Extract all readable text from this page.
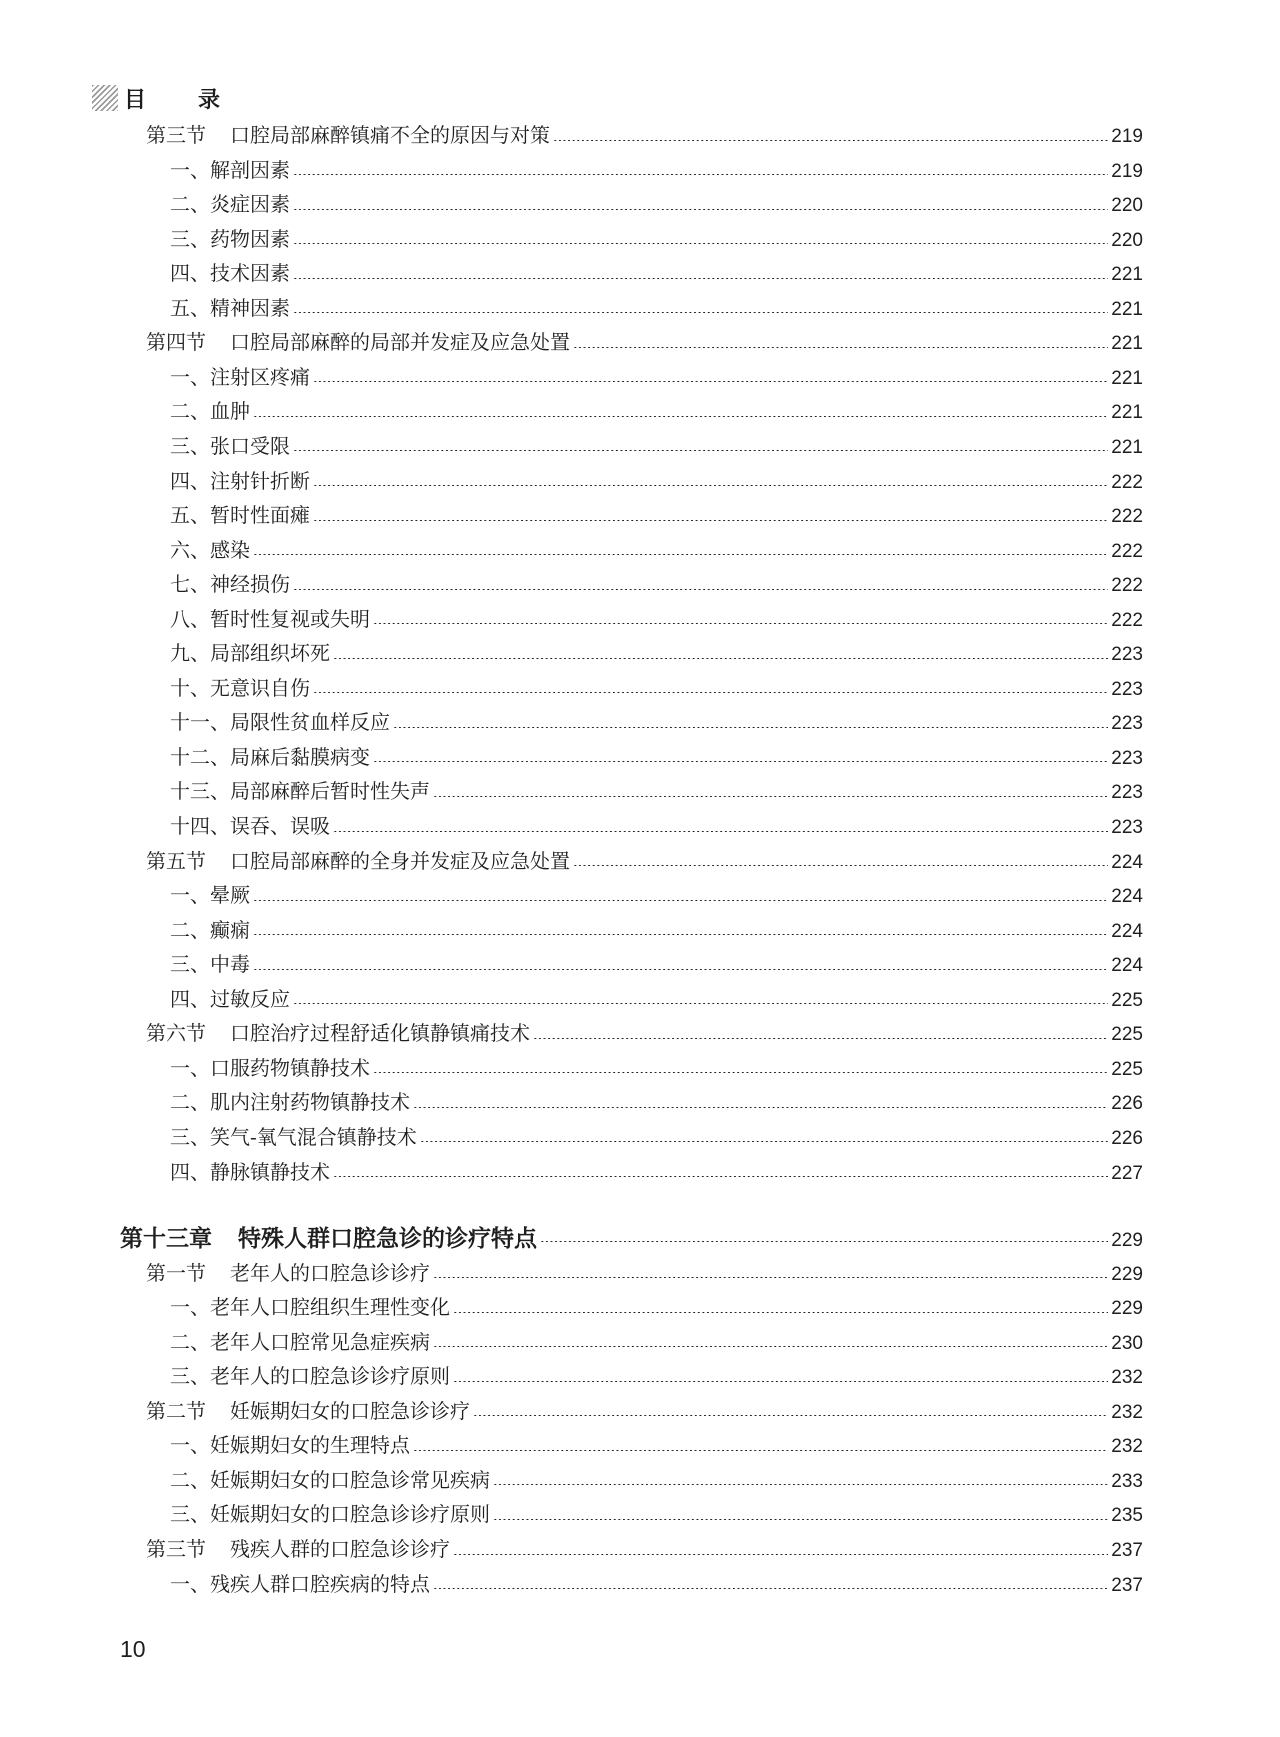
目录
第三节 口腔局部麻醉镇痛不全的原因与对策	219
一、解剖因素	219
二、炎症因素	220
三、药物因素	220
四、技术因素	221
五、精神因素	221
第四节 口腔局部麻醉的局部并发症及应急处置	221
一、注射区疼痛	221
二、血肿	221
三、张口受限	221
四、注射针折断	222
五、暂时性面瘫	222
六、感染	222
七、神经损伤	222
八、暂时性复视或失明	222
九、局部组织坏死	223
十、无意识自伤	223
十一、局限性贫血样反应	223
十二、局麻后黏膜病变	223
十三、局部麻醉后暂时性失声	223
十四、误吞、误吸	223
第五节 口腔局部麻醉的全身并发症及应急处置	224
一、晕厥	224
二、癫痫	224
三、中毒	224
四、过敏反应	225
第六节 口腔治疗过程舒适化镇静镇痛技术	225
一、口服药物镇静技术	225
二、肌内注射药物镇静技术	226
三、笑气-氧气混合镇静技术	226
四、静脉镇静技术	227
第十三章 特殊人群口腔急诊的诊疗特点	229
第一节 老年人的口腔急诊诊疗	229
一、老年人口腔组织生理性变化	229
二、老年人口腔常见急症疾病	230
三、老年人的口腔急诊诊疗原则	232
第二节 妊娠期妇女的口腔急诊诊疗	232
一、妊娠期妇女的生理特点	232
二、妊娠期妇女的口腔急诊常见疾病	233
三、妊娠期妇女的口腔急诊诊疗原则	235
第三节 残疾人群的口腔急诊诊疗	237
一、残疾人群口腔疾病的特点	237
10
